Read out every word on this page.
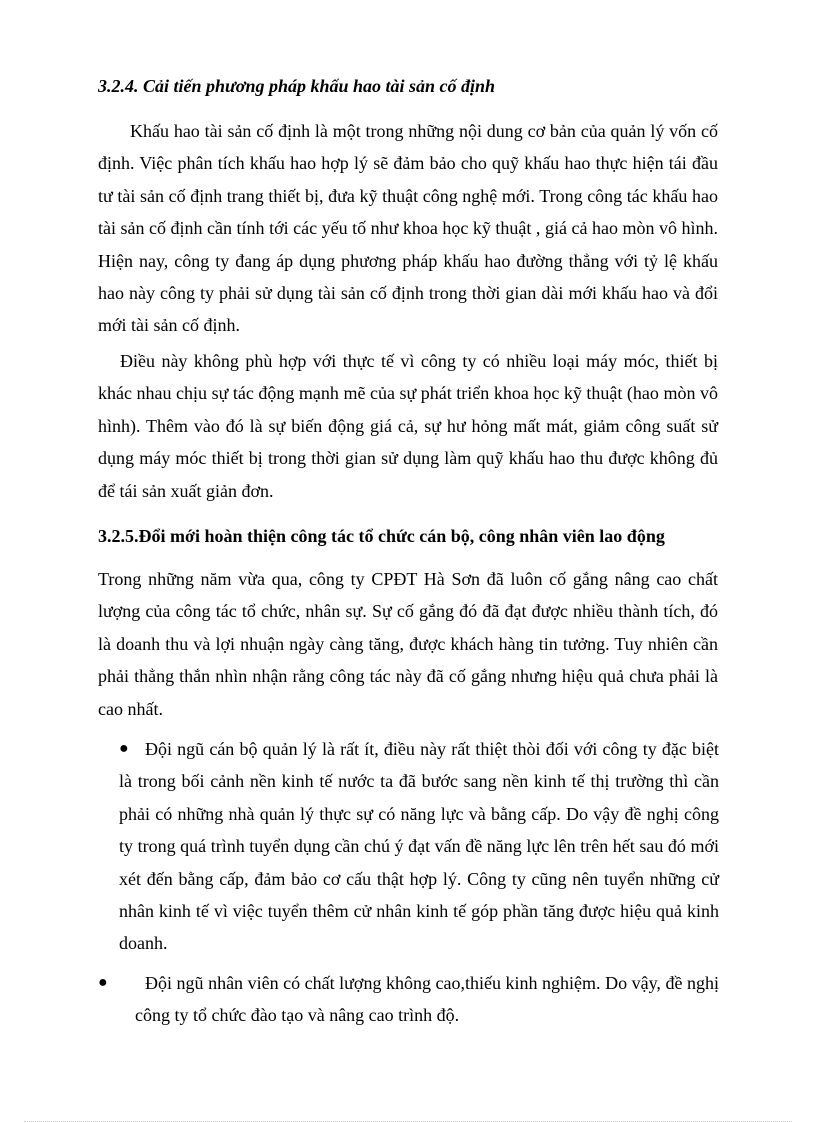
3.2.4. Cải tiến phương pháp khấu hao tài sản cố định

Khấu hao tài sản cố định là một trong những nội dung cơ bản của quản lý vốn cố định. Việc phân tích khấu hao hợp lý sẽ đảm bảo cho quỹ khấu hao thực hiện tái đầu tư tài sản cố định trang thiết bị, đưa kỹ thuật công nghệ mới. Trong công tác khấu hao tài sản cố định cần tính tới các yếu tố như khoa học kỹ thuật , giá cả hao mòn vô hình. Hiện nay, công ty đang áp dụng phương pháp khấu hao đường thẳng với tỷ lệ khấu hao này công ty phải sử dụng tài sản cố định trong thời gian dài mới khấu hao và đổi mới tài sản cố định.

Điều này không phù hợp với thực tế vì công ty có nhiều loại máy móc, thiết bị khác nhau chịu sự tác động mạnh mẽ của sự phát triển khoa học kỹ thuật (hao mòn vô hình). Thêm vào đó là sự biến động giá cả, sự hư hỏng mất mát, giảm công suất sử dụng máy móc thiết bị trong thời gian sử dụng làm quỹ khấu hao thu được không đủ để tái sản xuất giản đơn.

3.2.5.Đổi mới hoàn thiện công tác tổ chức cán bộ, công nhân viên lao động

Trong những năm vừa qua, công ty CPĐT Hà Sơn đã luôn cố gắng nâng cao chất lượng của công tác tổ chức, nhân sự. Sự cố gắng đó đã đạt được nhiều thành tích, đó là doanh thu và lợi nhuận ngày càng tăng, được khách hàng tin tưởng. Tuy nhiên cần phải thẳng thắn nhìn nhận rằng công tác này đã cố gắng nhưng hiệu quả chưa phải là cao nhất.

● Đội ngũ cán bộ quản lý là rất ít, điều này rất thiệt thòi đối với công ty đặc biệt là trong bối cảnh nền kinh tế nước ta đã bước sang nền kinh tế thị trường thì cần phải có những nhà quản lý thực sự có năng lực và bằng cấp. Do vậy đề nghị công ty trong quá trình tuyển dụng cần chú ý đạt vấn đề năng lực lên trên hết sau đó mới xét đến bằng cấp, đảm bảo cơ cấu thật hợp lý. Công ty cũng nên tuyển những cử nhân kinh tế vì việc tuyển thêm cử nhân kinh tế góp phần tăng được hiệu quả kinh doanh.

●	Đội ngũ nhân viên có chất lượng không cao,thiếu kinh nghiệm. Do vậy, đề nghị công ty tổ chức đào tạo và nâng cao trình độ.
